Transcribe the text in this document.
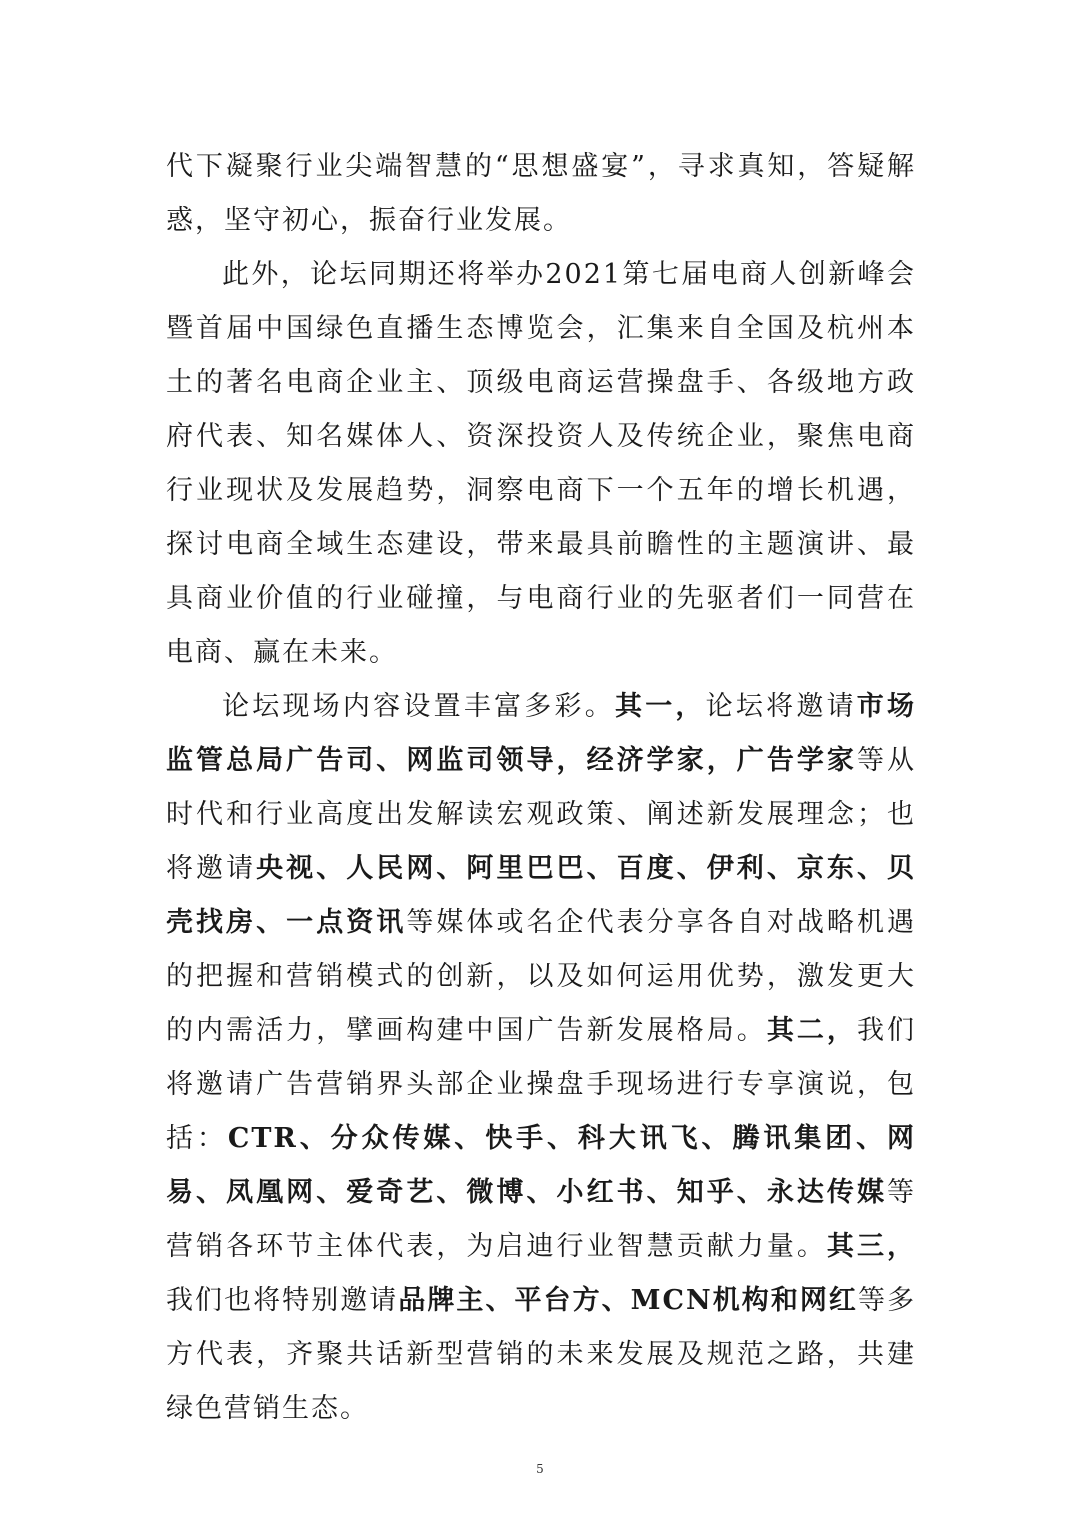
代下凝聚行业尖端智慧的“思想盛宴”，寻求真知，答疑解惑，坚守初心，振奋行业发展。

此外，论坛同期还将举办2021第七届电商人创新峰会暨首届中国绿色直播生态博览会，汇集来自全国及杭州本土的著名电商企业主、顶级电商运营操盘手、各级地方政府代表、知名媒体人、资深投资人及传统企业，聚焦电商行业现状及发展趋势，洞察电商下一个五年的增长机遇，探讨电商全域生态建设，带来最具前瞻性的主题演讲、最具商业价值的行业碰撞，与电商行业的先驱者们一同营在电商、赢在未来。

论坛现场内容设置丰富多彩。其一，论坛将邀请市场监管总局广告司、网监司领导，经济学家，广告学家等从时代和行业高度出发解读宏观政策、阐述新发展理念；也将邀请央视、人民网、阿里巴巴、百度、伊利、京东、贝壳找房、一点资讯等媒体或名企代表分享各自对战略机遇的把握和营销模式的创新，以及如何运用优势，激发更大的内需活力，擘画构建中国广告新发展格局。其二，我们将邀请广告营销界头部企业操盘手现场进行专享演说，包括：CTR、分众传媒、快手、科大讯飞、腾讯集团、网易、凤凰网、爱奇艺、微博、小红书、知乎、永达传媒等营销各环节主体代表，为启迪行业智慧贡献力量。其三，我们也将特别邀请品牌主、平台方、MCN机构和网红等多方代表，齐聚共话新型营销的未来发展及规范之路，共建绿色营销生态。

5
